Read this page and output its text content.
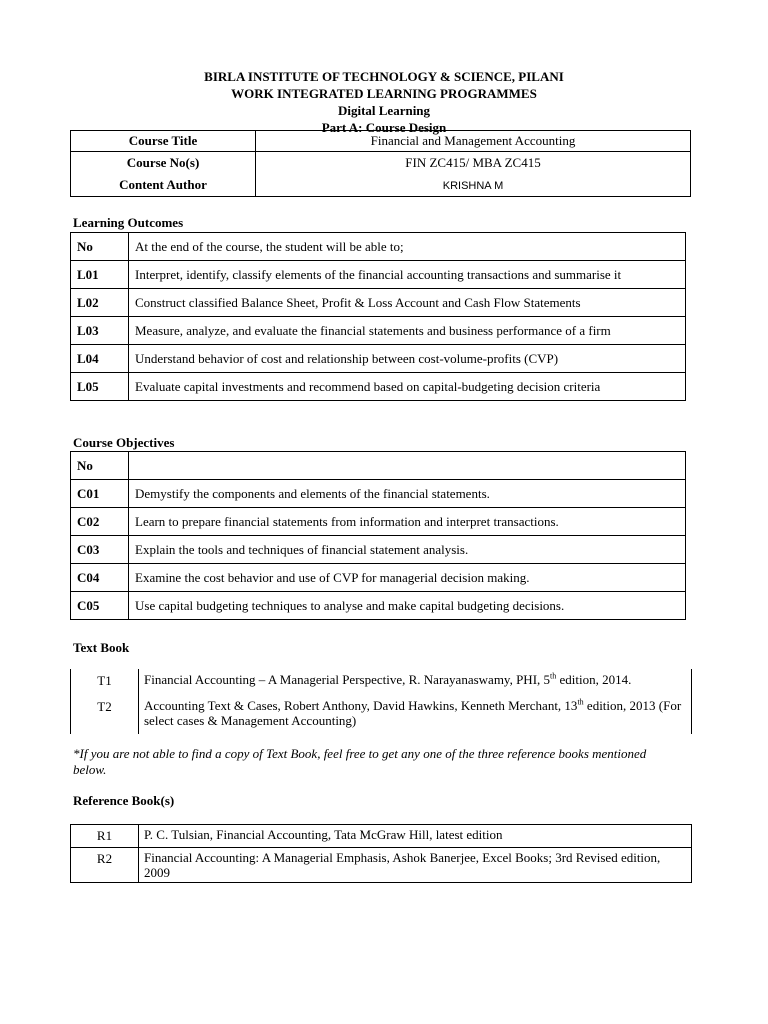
BIRLA INSTITUTE OF TECHNOLOGY & SCIENCE, PILANI
WORK INTEGRATED LEARNING PROGRAMMES
Digital Learning
Part A: Course Design
Course Title	Financial and Management Accounting
Course No(s)	FIN ZC415/ MBA ZC415
Content Author	KRISHNA M
Learning Outcomes
No	At the end of the course, the student will be able to;
L01	Interpret, identify, classify elements of the financial accounting transactions and summarise it
L02	Construct classified Balance Sheet, Profit & Loss Account and Cash Flow Statements
L03	Measure, analyze, and evaluate the financial statements and business performance of a firm
L04	Understand behavior of cost and relationship between cost-volume-profits (CVP)
L05	Evaluate capital investments and recommend based on capital-budgeting decision criteria
Course Objectives
No	
C01	Demystify the components and elements of the financial statements.
C02	Learn to prepare financial statements from information and interpret transactions.
C03	Explain the tools and techniques of financial statement analysis.
C04	Examine the cost behavior and use of CVP for managerial decision making.
C05	Use capital budgeting techniques to analyse and make capital budgeting decisions.
Text Book
T1	Financial Accounting – A Managerial Perspective, R. Narayanaswamy, PHI, 5th edition, 2014.
T2	Accounting Text & Cases, Robert Anthony, David Hawkins, Kenneth Merchant, 13th edition, 2013 (For select cases & Management Accounting)
*If you are not able to find a copy of Text Book, feel free to get any one of the three reference books mentioned below.
Reference Book(s)
R1	P. C. Tulsian, Financial Accounting, Tata McGraw Hill, latest edition
R2	Financial Accounting: A Managerial Emphasis, Ashok Banerjee, Excel Books; 3rd Revised edition, 2009
